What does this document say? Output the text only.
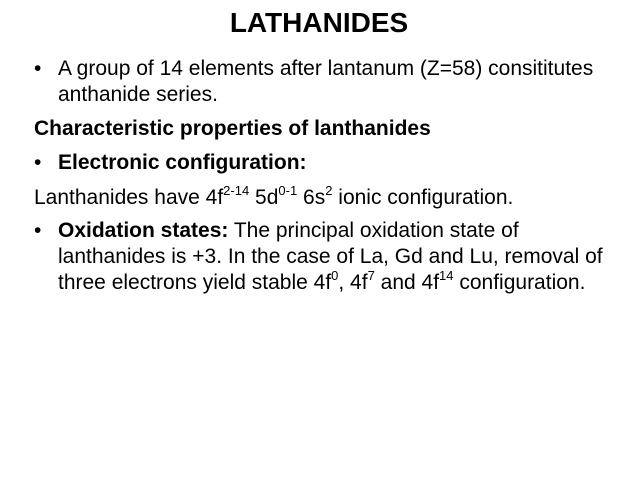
LATHANIDES
• A group of 14 elements after lantanum (Z=58) consititutes anthanide series.
Characteristic properties of lanthanides
• Electronic configuration:
Lanthanides have $4f^{2-14}$ $5d^{0-1}$ $6s^2$ ionic configuration.
• Oxidation states: The principal oxidation state of lanthanides is +3. In the case of La, Gd and Lu, removal of three electrons yield stable $4f^0$, $4f^7$ and $4f^{14}$ configuration.
